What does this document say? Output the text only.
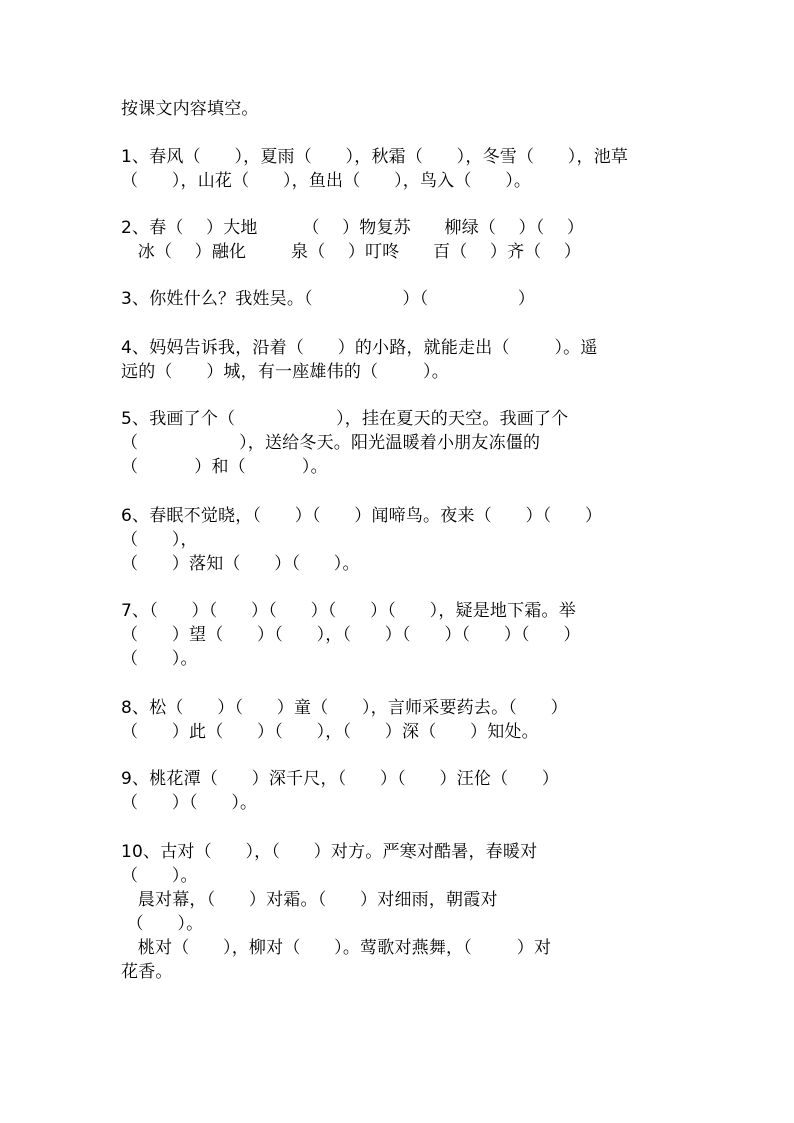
按课文内容填空。
1、春风（      ），夏雨（      ），秋霜（      ），冬雪（      ），池草
（      ），山花（      ），鱼出（      ），鸟入（      ）。
2、春（    ）大地        （    ）物复苏      柳绿（    ）（    ）
冰（    ）融化        泉（    ）叮咚      百（    ）齐（    ）
3、你姓什么？我姓吴。（                ）（                ）
4、妈妈告诉我，沿着（      ）的小路，就能走出（        ）。遥
远的（      ）城，有一座雄伟的（        ）。
5、我画了个（                  ），挂在夏天的天空。我画了个
（                  ），送给冬天。阳光温暖着小朋友冻僵的
（          ）和（          ）。
6、春眠不觉晓，（      ）（      ）闻啼鸟。夜来（      ）（      ）
（      ），
（      ）落知（      ）（      ）。
7、（      ）（      ）（      ）（      ）（      ），疑是地下霜。举
（      ）望（      ）（      ），（      ）（      ）（      ）（      ）
（      ）。
8、松（      ）（      ）童（      ），言师采要药去。（      ）
（      ）此（      ）（      ），（      ）深（      ）知处。
9、桃花潭（      ）深千尺，（      ）（      ）汪伦（      ）
（      ）（      ）。
10、古对（      ），（      ）对方。严寒对酷暑，春暖对
（      ）。
晨对幕，（      ）对霜。（      ）对细雨，朝霞对
（      ）。
桃对（      ），柳对（      ）。莺歌对燕舞，（        ）对
花香。
